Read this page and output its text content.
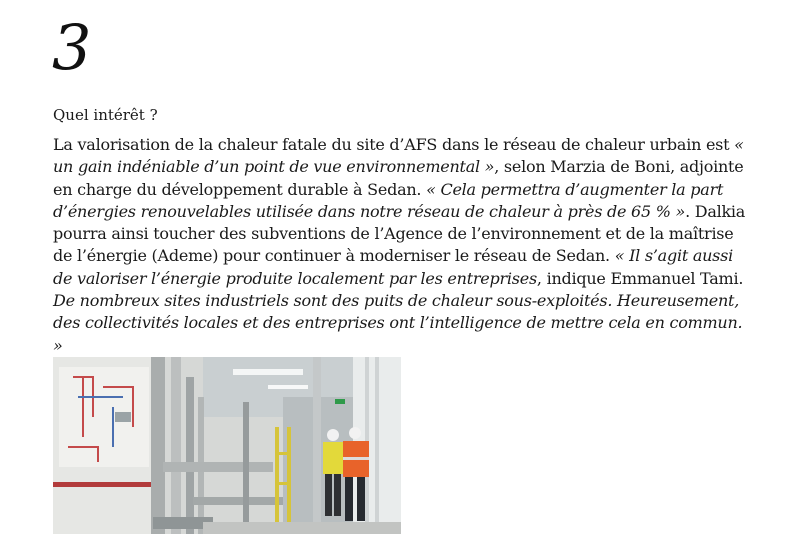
3
Quel intérêt ?

La valorisation de la chaleur fatale du site d’AFS dans le réseau de chaleur urbain est « un gain indéniable d’un point de vue environnemental », selon Marzia de Boni, adjointe en charge du développement durable à Sedan. « Cela permettra d’augmenter la part d’énergies renouvelables utilisée dans notre réseau de chaleur à près de 65 % ». Dalkia pourra ainsi toucher des subventions de l’Agence de l’environnement et de la maîtrise de l’énergie (Ademe) pour continuer à moderniser le réseau de Sedan. « Il s’agit aussi de valoriser l’énergie produite localement par les entreprises, indique Emmanuel Tami. De nombreux sites industriels sont des puits de chaleur sous-exploités. Heureusement, des collectivités locales et des entreprises ont l’intelligence de mettre cela en commun. »
